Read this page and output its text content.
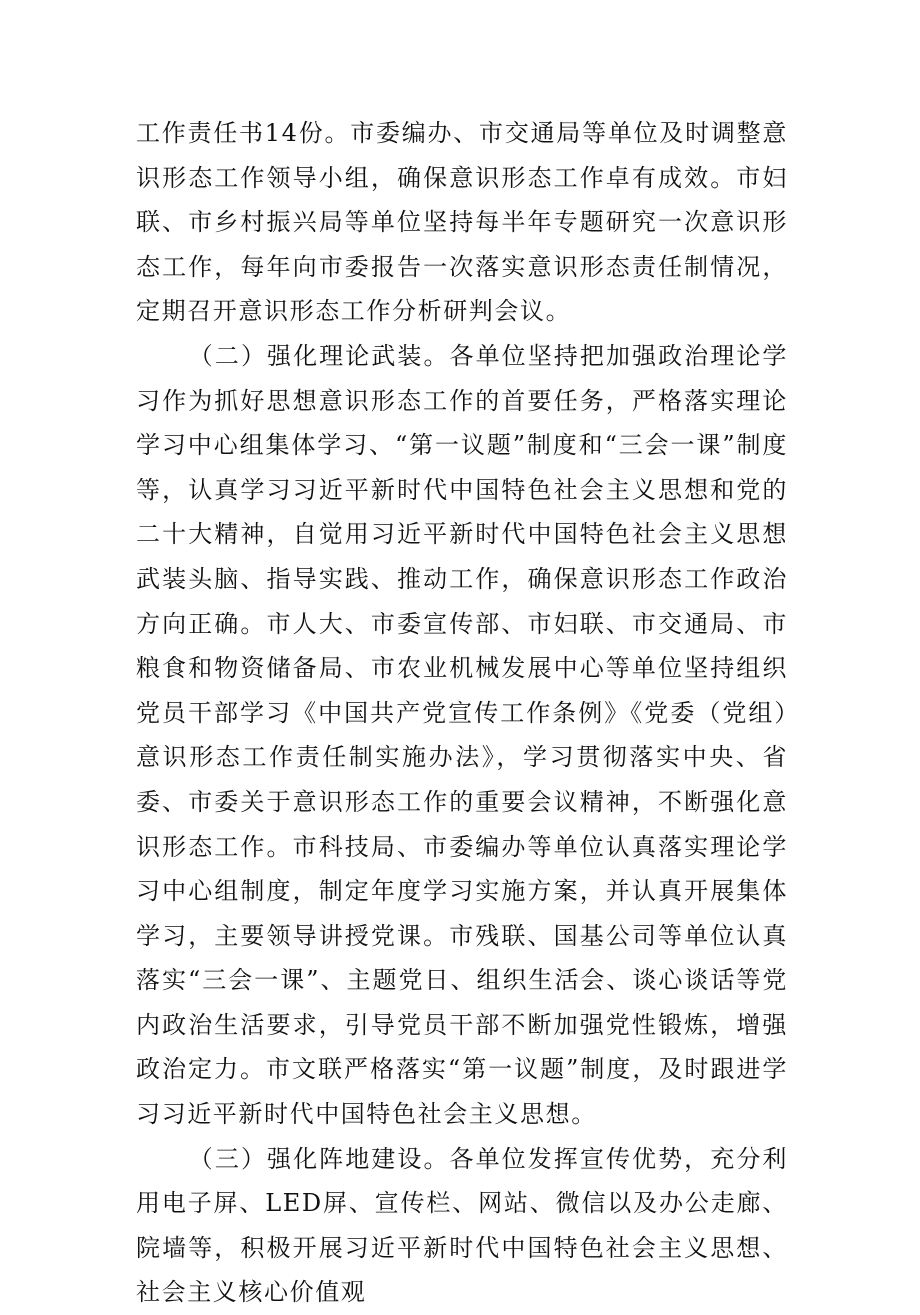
工作责任书14份。市委编办、市交通局等单位及时调整意识形态工作领导小组，确保意识形态工作卓有成效。市妇联、市乡村振兴局等单位坚持每半年专题研究一次意识形态工作，每年向市委报告一次落实意识形态责任制情况，定期召开意识形态工作分析研判会议。

（二）强化理论武装。各单位坚持把加强政治理论学习作为抓好思想意识形态工作的首要任务，严格落实理论学习中心组集体学习、“第一议题”制度和“三会一课”制度等，认真学习习近平新时代中国特色社会主义思想和党的二十大精神，自觉用习近平新时代中国特色社会主义思想武装头脑、指导实践、推动工作，确保意识形态工作政治方向正确。市人大、市委宣传部、市妇联、市交通局、市粮食和物资储备局、市农业机械发展中心等单位坚持组织党员干部学习《中国共产党宣传工作条例》《党委（党组）意识形态工作责任制实施办法》，学习贯彻落实中央、省委、市委关于意识形态工作的重要会议精神，不断强化意识形态工作。市科技局、市委编办等单位认真落实理论学习中心组制度，制定年度学习实施方案，并认真开展集体学习，主要领导讲授党课。市残联、国基公司等单位认真落实“三会一课”、主题党日、组织生活会、谈心谈话等党内政治生活要求，引导党员干部不断加强党性锻炼，增强政治定力。市文联严格落实“第一议题”制度，及时跟进学习习近平新时代中国特色社会主义思想。

（三）强化阵地建设。各单位发挥宣传优势，充分利用电子屏、LED屏、宣传栏、网站、微信以及办公走廊、院墙等，积极开展习近平新时代中国特色社会主义思想、社会主义核心价值观
